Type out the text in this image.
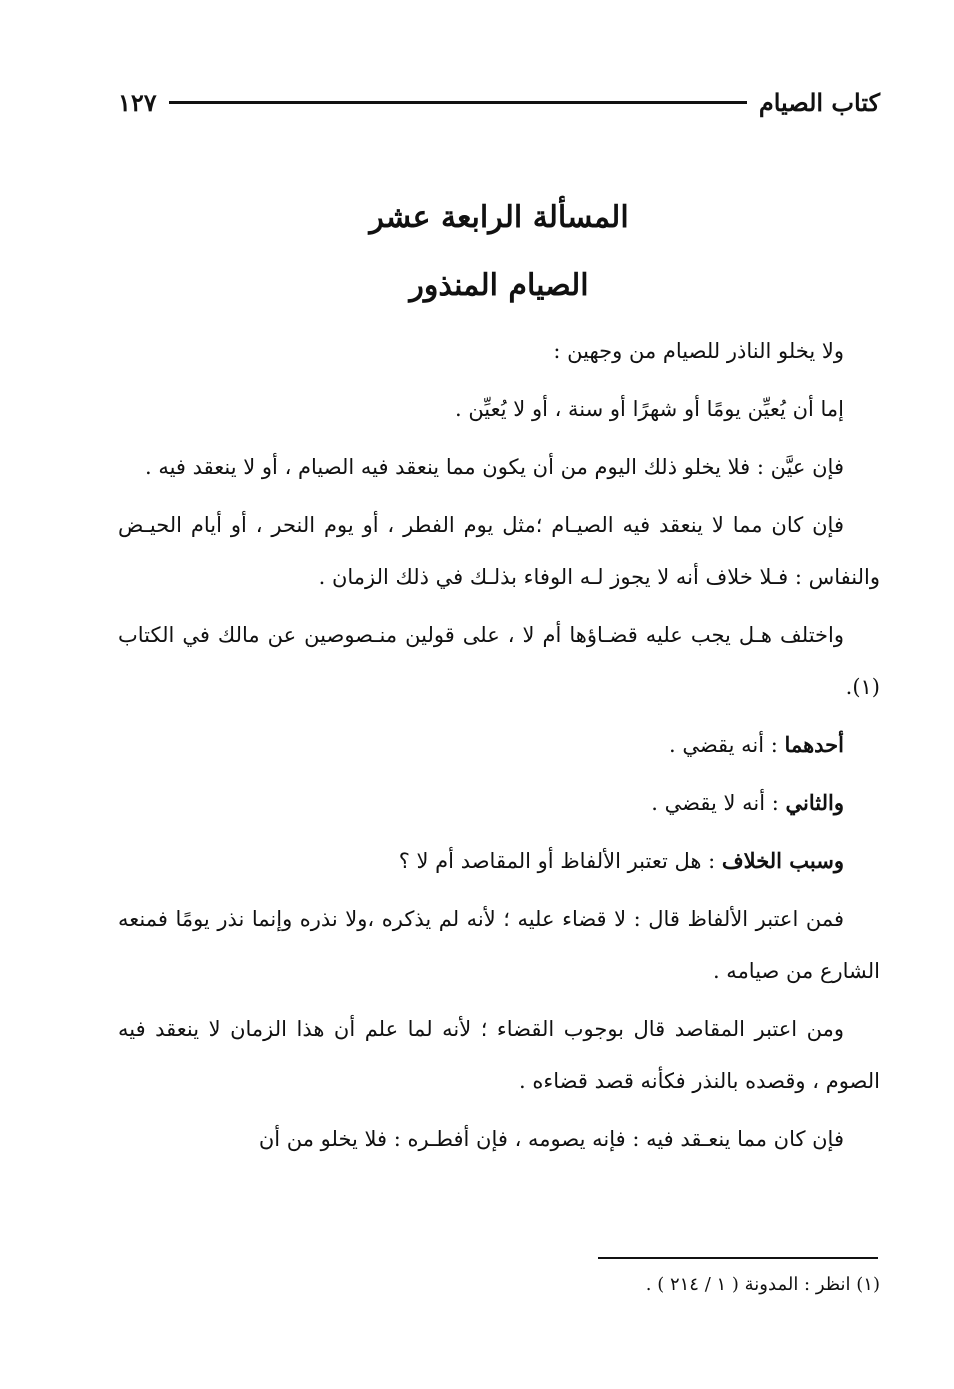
كتاب الصيام
١٢٧
المسألة الرابعة عشر
الصيام المنذور

ولا يخلو الناذر للصيام من وجهين :

إما أن يُعيِّن يومًا أو شهرًا أو سنة ، أو لا يُعيِّن .

فإن عيَّن : فلا يخلو ذلك اليوم من أن يكون مما ينعقد فيه الصيام ، أو لا ينعقد فيه .

فإن كان مما لا ينعقد فيه الصيـام ؛مثل يوم الفطر ، أو يوم النحر ، أو أيام الحيـض والنفاس : فـلا خلاف أنه لا يجوز لـه الوفاء بذلـك في ذلك الزمان .

واختلف هـل يجب عليه قضـاؤها أم لا ، على قولين منـصوصين عن مالك في الكتاب (١).

أحدهما : أنه يقضي .

والثاني : أنه لا يقضي .

وسبب الخلاف : هل تعتبر الألفاظ أو المقاصد أم لا ؟

فمن اعتبر الألفاظ قال : لا قضاء عليه ؛ لأنه لم يذكره ،ولا نذره وإنما نذر يومًا فمنعه الشارع من صيامه .

ومن اعتبر المقاصد قال بوجوب القضاء ؛ لأنه لما علم أن هذا الزمان لا ينعقد فيه الصوم ، وقصده بالنذر فكأنه قصد قضاءه .

فإن كان مما ينعـقد فيه : فإنه يصومه ، فإن أفطـره : فلا يخلو من أن

(١) انظر : المدونة ( ١ / ٢١٤ ) .
